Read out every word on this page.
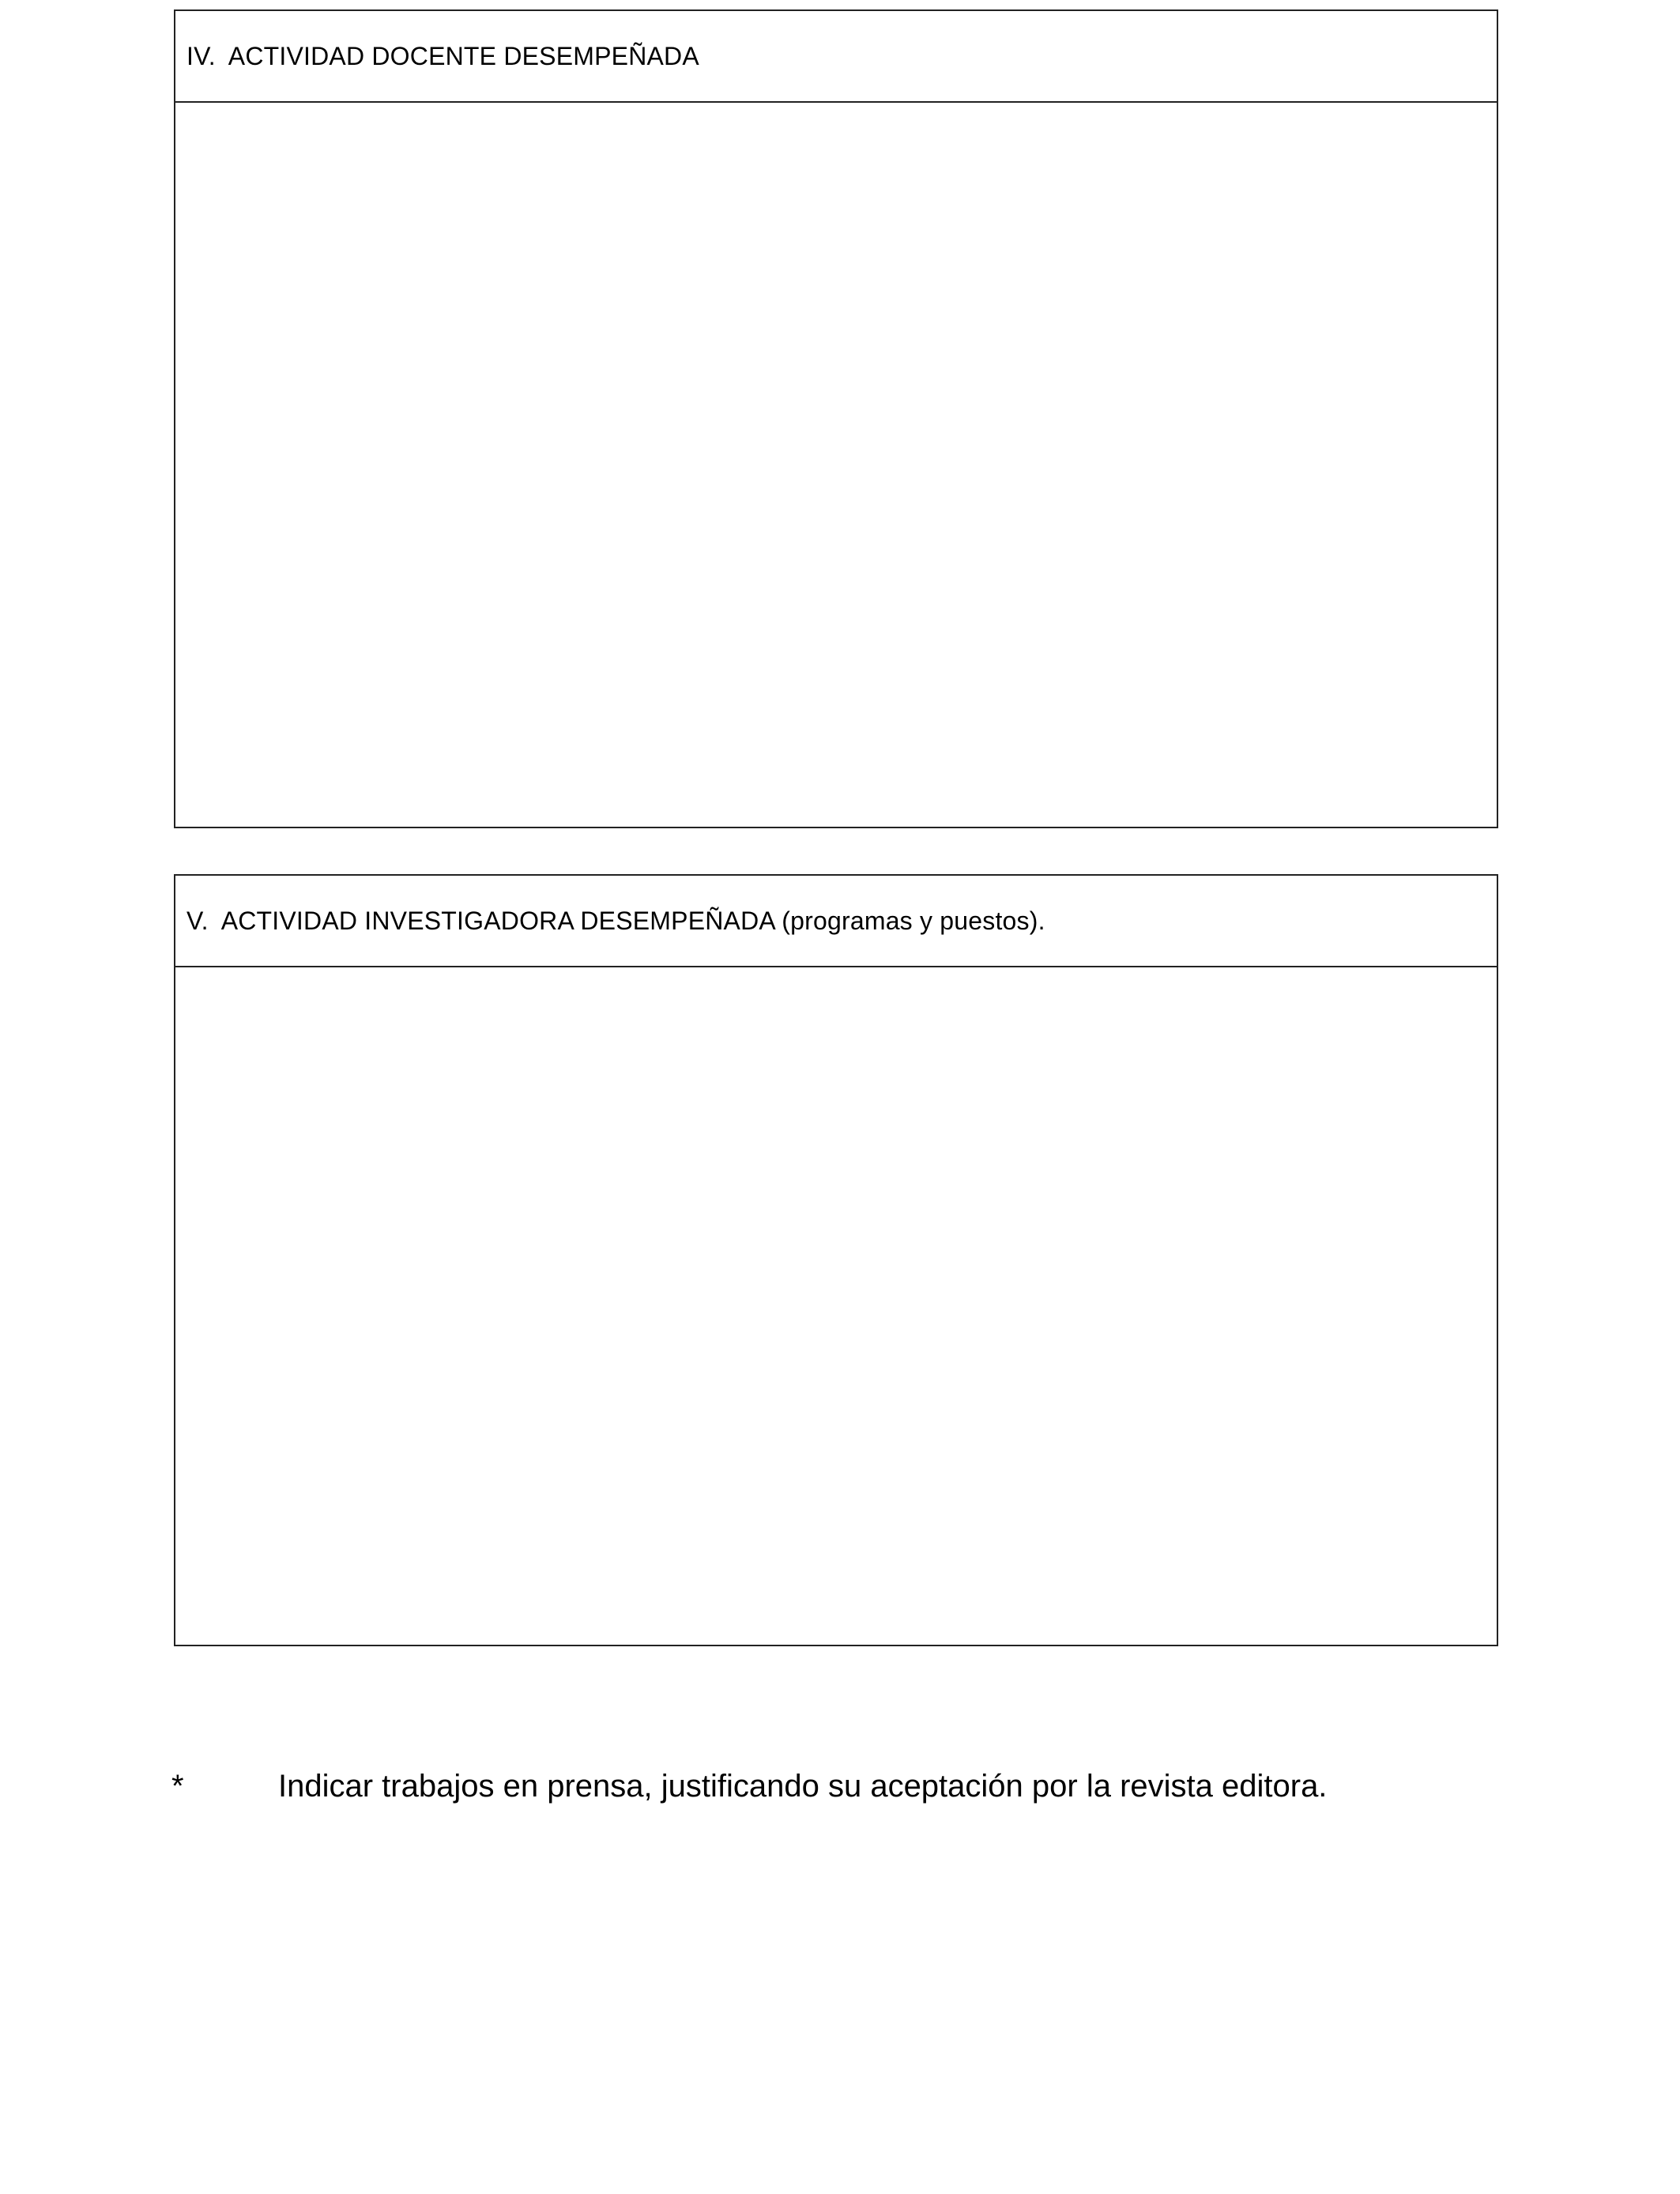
IV. ACTIVIDAD DOCENTE DESEMPEÑADA
V. ACTIVIDAD INVESTIGADORA DESEMPEÑADA (programas y puestos).
*	Indicar trabajos en prensa, justificando su aceptación por la revista editora.
